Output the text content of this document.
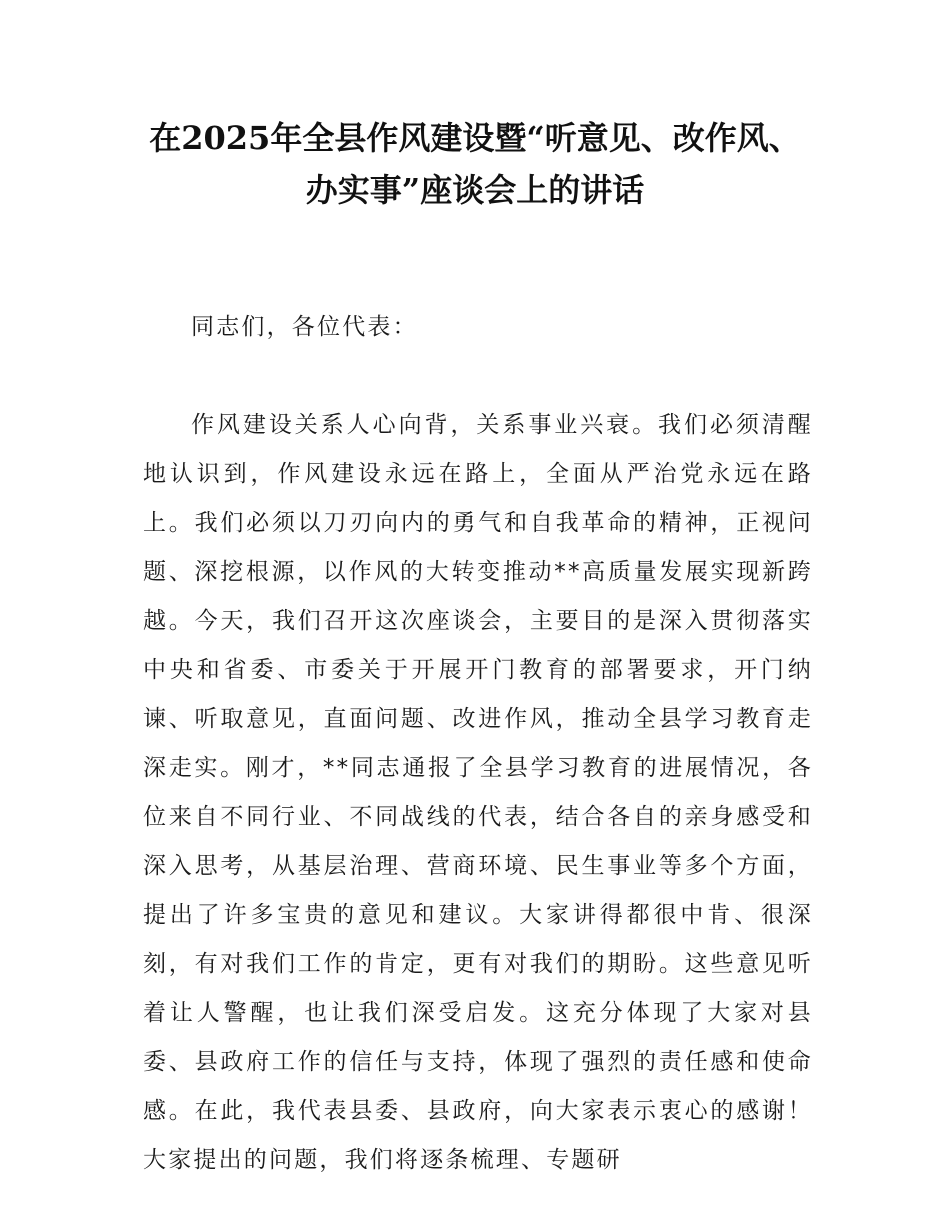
在2025年全县作风建设暨“听意见、改作风、
办实事”座谈会上的讲话

同志们，各位代表：

作风建设关系人心向背，关系事业兴衰。我们必须清醒地认识到，作风建设永远在路上，全面从严治党永远在路上。我们必须以刀刃向内的勇气和自我革命的精神，正视问题、深挖根源，以作风的大转变推动**高质量发展实现新跨越。今天，我们召开这次座谈会，主要目的是深入贯彻落实中央和省委、市委关于开展开门教育的部署要求，开门纳谏、听取意见，直面问题、改进作风，推动全县学习教育走深走实。刚才，**同志通报了全县学习教育的进展情况，各位来自不同行业、不同战线的代表，结合各自的亲身感受和深入思考，从基层治理、营商环境、民生事业等多个方面，提出了许多宝贵的意见和建议。大家讲得都很中肯、很深刻，有对我们工作的肯定，更有对我们的期盼。这些意见听着让人警醒，也让我们深受启发。这充分体现了大家对县委、县政府工作的信任与支持，体现了强烈的责任感和使命感。在此，我代表县委、县政府，向大家表示衷心的感谢！大家提出的问题，我们将逐条梳理、专题研
